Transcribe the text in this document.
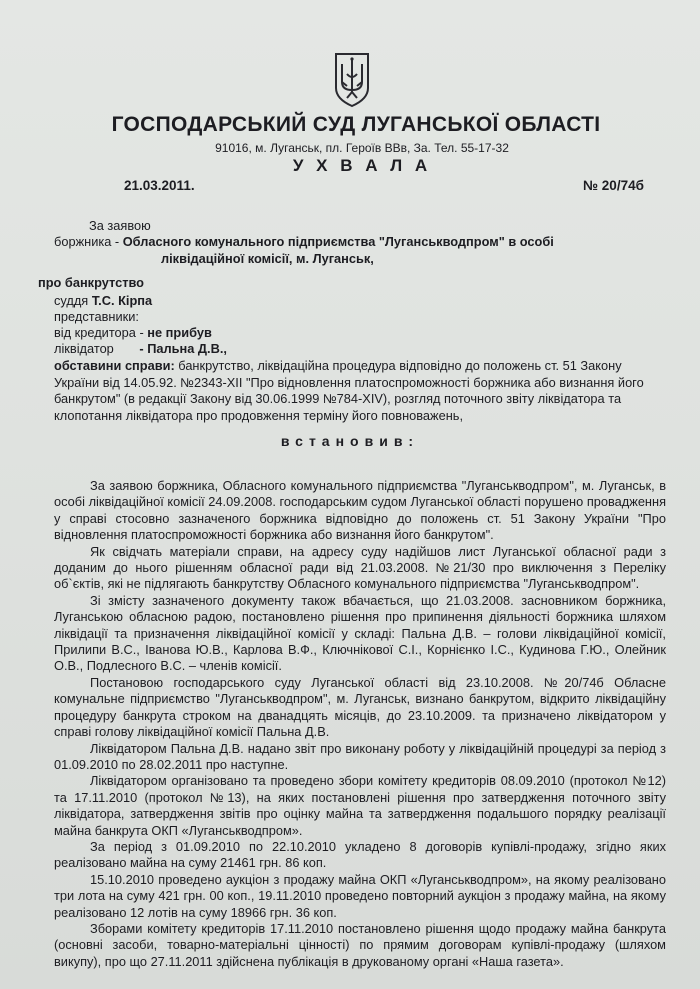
ГОСПОДАРСЬКИЙ СУД ЛУГАНСЬКОЇ ОБЛАСТІ
91016, м. Луганськ, пл. Героїв ВВв, За. Тел. 55-17-32
У Х В А Л А
21.03.2011.	№ 20/74б
За заявою
боржника - Обласного комунального підприємства "Луганськводпром" в особі
ліквідаційної комісії, м. Луганськ,
про банкрутство
суддя Т.С. Кірпа
представники:
від кредитора - не прибув
ліквідатор - Пальна Д.В.,
обставини справи: банкрутство, ліквідаційна процедура відповідно до положень ст. 51 Закону

України від 14.05.92. №2343-XII "Про відновлення платоспроможності боржника або визнання його

банкрутом" (в редакції Закону від 30.06.1999 №784-XIV), розгляд поточного звіту ліквідатора та

клопотання ліквідатора про продовження терміну його повноважень,

встановив:

За заявою боржника, Обласного комунального підприємства "Луганськводпром", м. Луганськ, в особі ліквідаційної комісії 24.09.2008. господарським судом Луганської області порушено провадження у справі стосовно зазначеного боржника відповідно до положень ст. 51 Закону України "Про відновлення платоспроможності боржника або визнання його банкрутом".

Як свідчать матеріали справи, на адресу суду надійшов лист Луганської обласної ради з доданим до нього рішенням обласної ради від 21.03.2008. №21/30 про виключення з Переліку об`єктів, які не підлягають банкрутству Обласного комунального підприємства "Луганськводпром".

Зі змісту зазначеного документу також вбачається, що 21.03.2008. засновником боржника, Луганською обласною радою, постановлено рішення про припинення діяльності боржника шляхом ліквідації та призначення ліквідаційної комісії у складі: Пальна Д.В. – голови ліквідаційної комісії, Прилипи В.С., Іванова Ю.В., Карлова В.Ф., Ключнікової С.І., Корнієнко І.С., Кудинова Г.Ю., Олейник О.В., Подлесного В.С. – членів комісії.

Постановою господарського суду Луганської області від 23.10.2008. №20/74б Обласне комунальне підприємство "Луганськводпром", м. Луганськ, визнано банкрутом, відкрито ліквідаційну процедуру банкрута строком на дванадцять місяців, до 23.10.2009. та призначено ліквідатором у справі голову ліквідаційної комісії Пальна Д.В.

Ліквідатором Пальна Д.В. надано звіт про виконану роботу у ліквідаційній процедурі за період з 01.09.2010 по 28.02.2011 про наступне.

Ліквідатором організовано та проведено збори комітету кредиторів 08.09.2010 (протокол №12) та 17.11.2010 (протокол №13), на яких постановлені рішення про затвердження поточного звіту ліквідатора, затвердження звітів про оцінку майна та затвердження подальшого порядку реалізації майна банкрута ОКП «Луганськводпром».

За період з 01.09.2010 по 22.10.2010 укладено 8 договорів купівлі-продажу, згідно яких реалізовано майна на суму 21461 грн. 86 коп.

15.10.2010 проведено аукціон з продажу майна ОКП «Луганськводпром», на якому реалізовано три лота на суму 421 грн. 00 коп., 19.11.2010 проведено повторний аукціон з продажу майна, на якому реалізовано 12 лотів на суму 18966 грн. 36 коп.

Зборами комітету кредиторів 17.11.2010 постановлено рішення щодо продажу майна банкрута (основні засоби, товарно-матеріальні цінності) по прямим договорам купівлі-продажу (шляхом викупу), про що 27.11.2011 здійснена публікація в друкованому органі «Наша газета».
